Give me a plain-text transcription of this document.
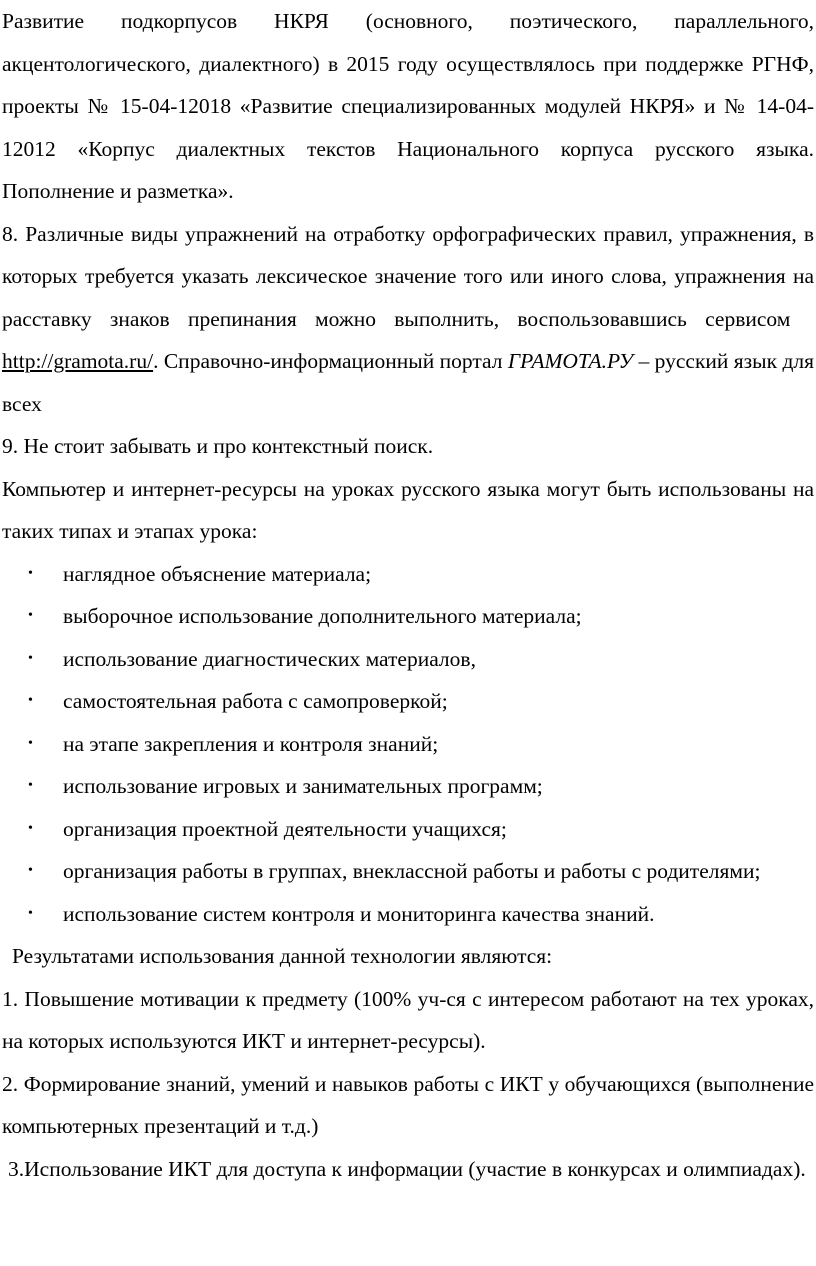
Развитие подкорпусов НКРЯ (основного, поэтического, параллельного, акцентологического, диалектного) в 2015 году осуществлялось при поддержке РГНФ, проекты № 15-04-12018 «Развитие специализированных модулей НКРЯ» и № 14-04-12012 «Корпус диалектных текстов Национального корпуса русского языка. Пополнение и разметка».

8. Различные виды упражнений на отработку орфографических правил, упражнения, в которых требуется указать лексическое значение того или иного слова, упражнения на расставку знаков препинания можно выполнить, воспользовавшись сервисом   http://gramota.ru/. Справочно-информационный портал ГРАМОТА.РУ – русский язык для всех

9. Не стоит забывать и про контекстный поиск.

Компьютер и интернет-ресурсы на уроках русского языка могут быть использованы на таких типах и этапах урока:

• наглядное объяснение материала;
• выборочное использование дополнительного материала;
• использование диагностических материалов,
• самостоятельная работа с самопроверкой;
• на этапе закрепления и контроля знаний;
• использование игровых и занимательных программ;
• организация проектной деятельности учащихся;
• организация работы в группах, внеклассной работы и работы с родителями;
• использование систем контроля и мониторинга качества знаний.

Результатами использования данной технологии являются:

1. Повышение мотивации к предмету (100% уч-ся с интересом работают на тех уроках, на которых используются ИКТ и интернет-ресурсы).

2. Формирование знаний, умений и навыков работы с ИКТ у обучающихся (выполнение компьютерных презентаций и т.д.)

3.Использование ИКТ для доступа к информации (участие в конкурсах и олимпиадах).
